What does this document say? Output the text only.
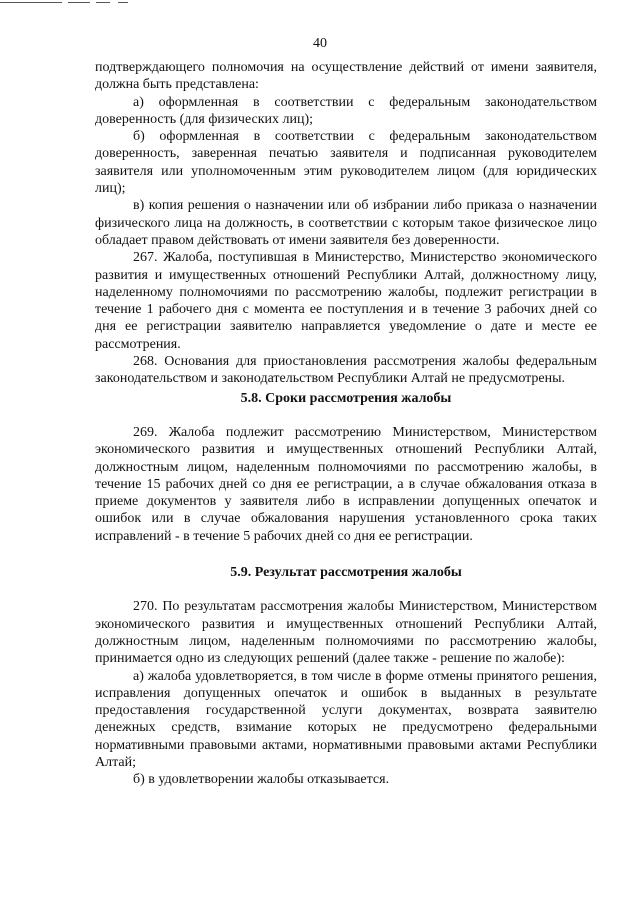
40

подтверждающего полномочия на осуществление действий от имени заявителя, должна быть представлена:

а) оформленная в соответствии с федеральным законодательством доверенность (для физических лиц);

б) оформленная в соответствии с федеральным законодательством доверенность, заверенная печатью заявителя и подписанная руководителем заявителя или уполномоченным этим руководителем лицом (для юридических лиц);

в) копия решения о назначении или об избрании либо приказа о назначении физического лица на должность, в соответствии с которым такое физическое лицо обладает правом действовать от имени заявителя без доверенности.

267. Жалоба, поступившая в Министерство, Министерство экономического развития и имущественных отношений Республики Алтай, должностному лицу, наделенному полномочиями по рассмотрению жалобы, подлежит регистрации в течение 1 рабочего дня с момента ее поступления и в течение 3 рабочих дней со дня ее регистрации заявителю направляется уведомление о дате и месте ее рассмотрения.

268. Основания для приостановления рассмотрения жалобы федеральным законодательством и законодательством Республики Алтай не предусмотрены.

5.8. Сроки рассмотрения жалобы

269. Жалоба подлежит рассмотрению Министерством, Министерством экономического развития и имущественных отношений Республики Алтай, должностным лицом, наделенным полномочиями по рассмотрению жалобы, в течение 15 рабочих дней со дня ее регистрации, а в случае обжалования отказа в приеме документов у заявителя либо в исправлении допущенных опечаток и ошибок или в случае обжалования нарушения установленного срока таких исправлений - в течение 5 рабочих дней со дня ее регистрации.

5.9. Результат рассмотрения жалобы

270. По результатам рассмотрения жалобы Министерством, Министерством экономического развития и имущественных отношений Республики Алтай, должностным лицом, наделенным полномочиями по рассмотрению жалобы, принимается одно из следующих решений (далее также - решение по жалобе):

а) жалоба удовлетворяется, в том числе в форме отмены принятого решения, исправления допущенных опечаток и ошибок в выданных в результате предоставления государственной услуги документах, возврата заявителю денежных средств, взимание которых не предусмотрено федеральными нормативными правовыми актами, нормативными правовыми актами Республики Алтай;

б) в удовлетворении жалобы отказывается.
